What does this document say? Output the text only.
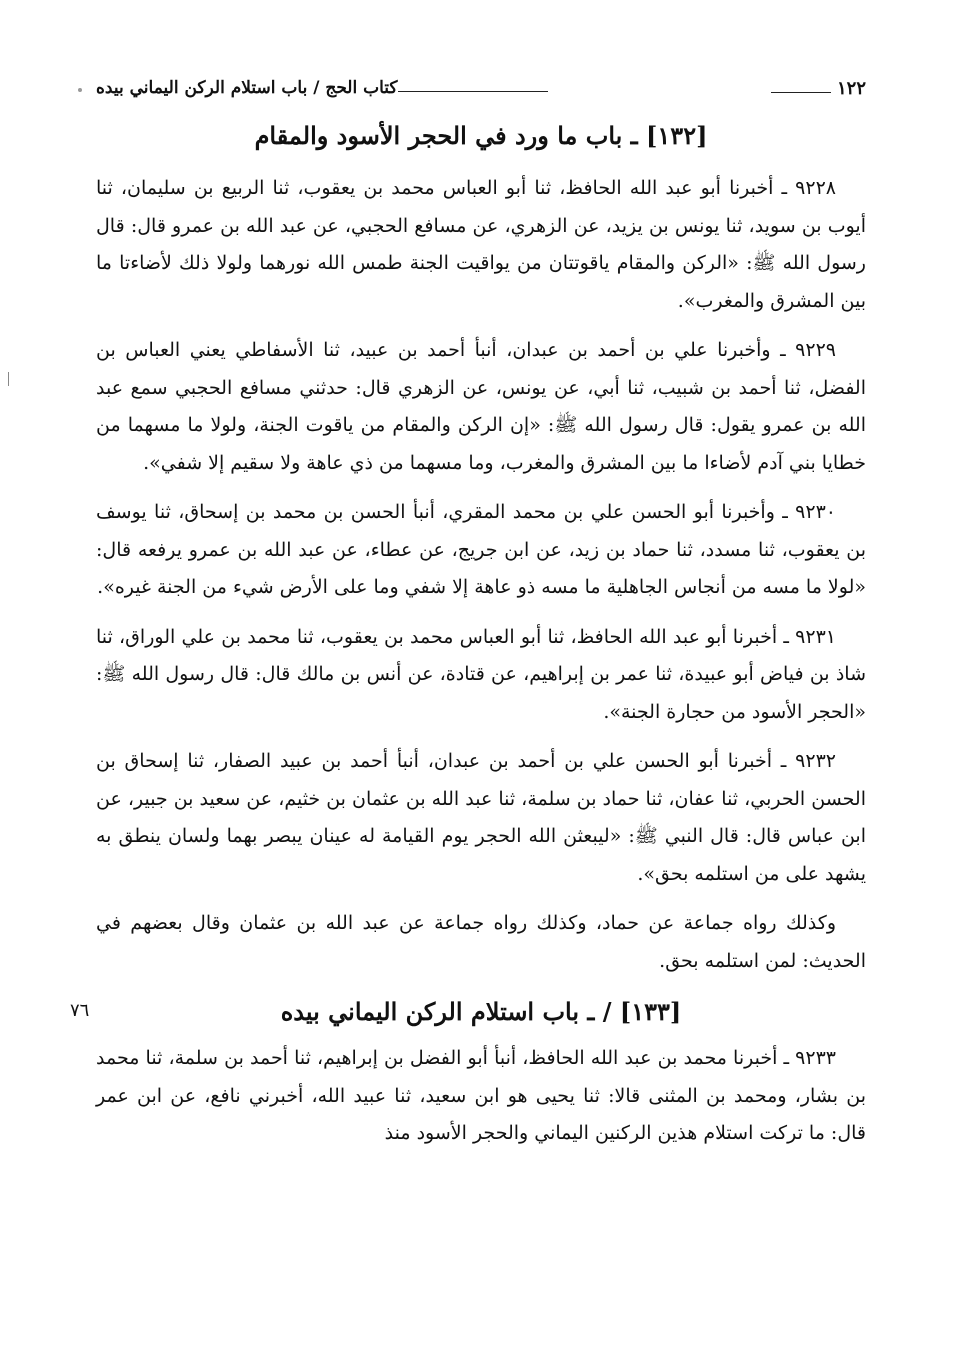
١٢٢
كتاب الحج / باب استلام الركن اليماني بيده
[١٣٢] ـ باب ما ورد في الحجر الأسود والمقام

٩٢٢٨ ـ أخبرنا أبو عبد الله الحافظ، ثنا أبو العباس محمد بن يعقوب، ثنا الربيع بن سليمان، ثنا أيوب بن سويد، ثنا يونس بن يزيد، عن الزهري، عن مسافع الحجبي، عن عبد الله بن عمرو قال: قال رسول الله ﷺ: «الركن والمقام ياقوتتان من يواقيت الجنة طمس الله نورهما ولولا ذلك لأضاءتا ما بين المشرق والمغرب».

٩٢٢٩ ـ وأخبرنا علي بن أحمد بن عبدان، أنبأ أحمد بن عبيد، ثنا الأسفاطي يعني العباس بن الفضل، ثنا أحمد بن شبيب، ثنا أبي، عن يونس، عن الزهري قال: حدثني مسافع الحجبي سمع عبد الله بن عمرو يقول: قال رسول الله ﷺ: «إن الركن والمقام من ياقوت الجنة، ولولا ما مسهما من خطايا بني آدم لأضاءا ما بين المشرق والمغرب، وما مسهما من ذي عاهة ولا سقيم إلا شفي».

٩٢٣٠ ـ وأخبرنا أبو الحسن علي بن محمد المقري، أنبأ الحسن بن محمد بن إسحاق، ثنا يوسف بن يعقوب، ثنا مسدد، ثنا حماد بن زيد، عن ابن جريج، عن عطاء، عن عبد الله بن عمرو يرفعه قال: «لولا ما مسه من أنجاس الجاهلية ما مسه ذو عاهة إلا شفي وما على الأرض شيء من الجنة غيره».

٩٢٣١ ـ أخبرنا أبو عبد الله الحافظ، ثنا أبو العباس محمد بن يعقوب، ثنا محمد بن علي الوراق، ثنا شاذ بن فياض أبو عبيدة، ثنا عمر بن إبراهيم، عن قتادة، عن أنس بن مالك قال: قال رسول الله ﷺ: «الحجر الأسود من حجارة الجنة».

٩٢٣٢ ـ أخبرنا أبو الحسن علي بن أحمد بن عبدان، أنبأ أحمد بن عبيد الصفار، ثنا إسحاق بن الحسن الحربي، ثنا عفان، ثنا حماد بن سلمة، ثنا عبد الله بن عثمان بن خثيم، عن سعيد بن جبير، عن ابن عباس قال: قال النبي ﷺ: «ليبعثن الله الحجر يوم القيامة له عينان يبصر بهما ولسان ينطق به يشهد على من استلمه بحق».

وكذلك رواه جماعة عن حماد، وكذلك رواه جماعة عن عبد الله بن عثمان وقال بعضهم في الحديث: لمن استلمه بحق.

[١٣٣] / ـ باب استلام الركن اليماني بيده
٧٦

٩٢٣٣ ـ أخبرنا محمد بن عبد الله الحافظ، أنبأ أبو الفضل بن إبراهيم، ثنا أحمد بن سلمة، ثنا محمد بن بشار، ومحمد بن المثنى قالا: ثنا يحيى هو ابن سعيد، ثنا عبيد الله، أخبرني نافع، عن ابن عمر قال: ما تركت استلام هذين الركنين اليماني والحجر الأسود منذ
